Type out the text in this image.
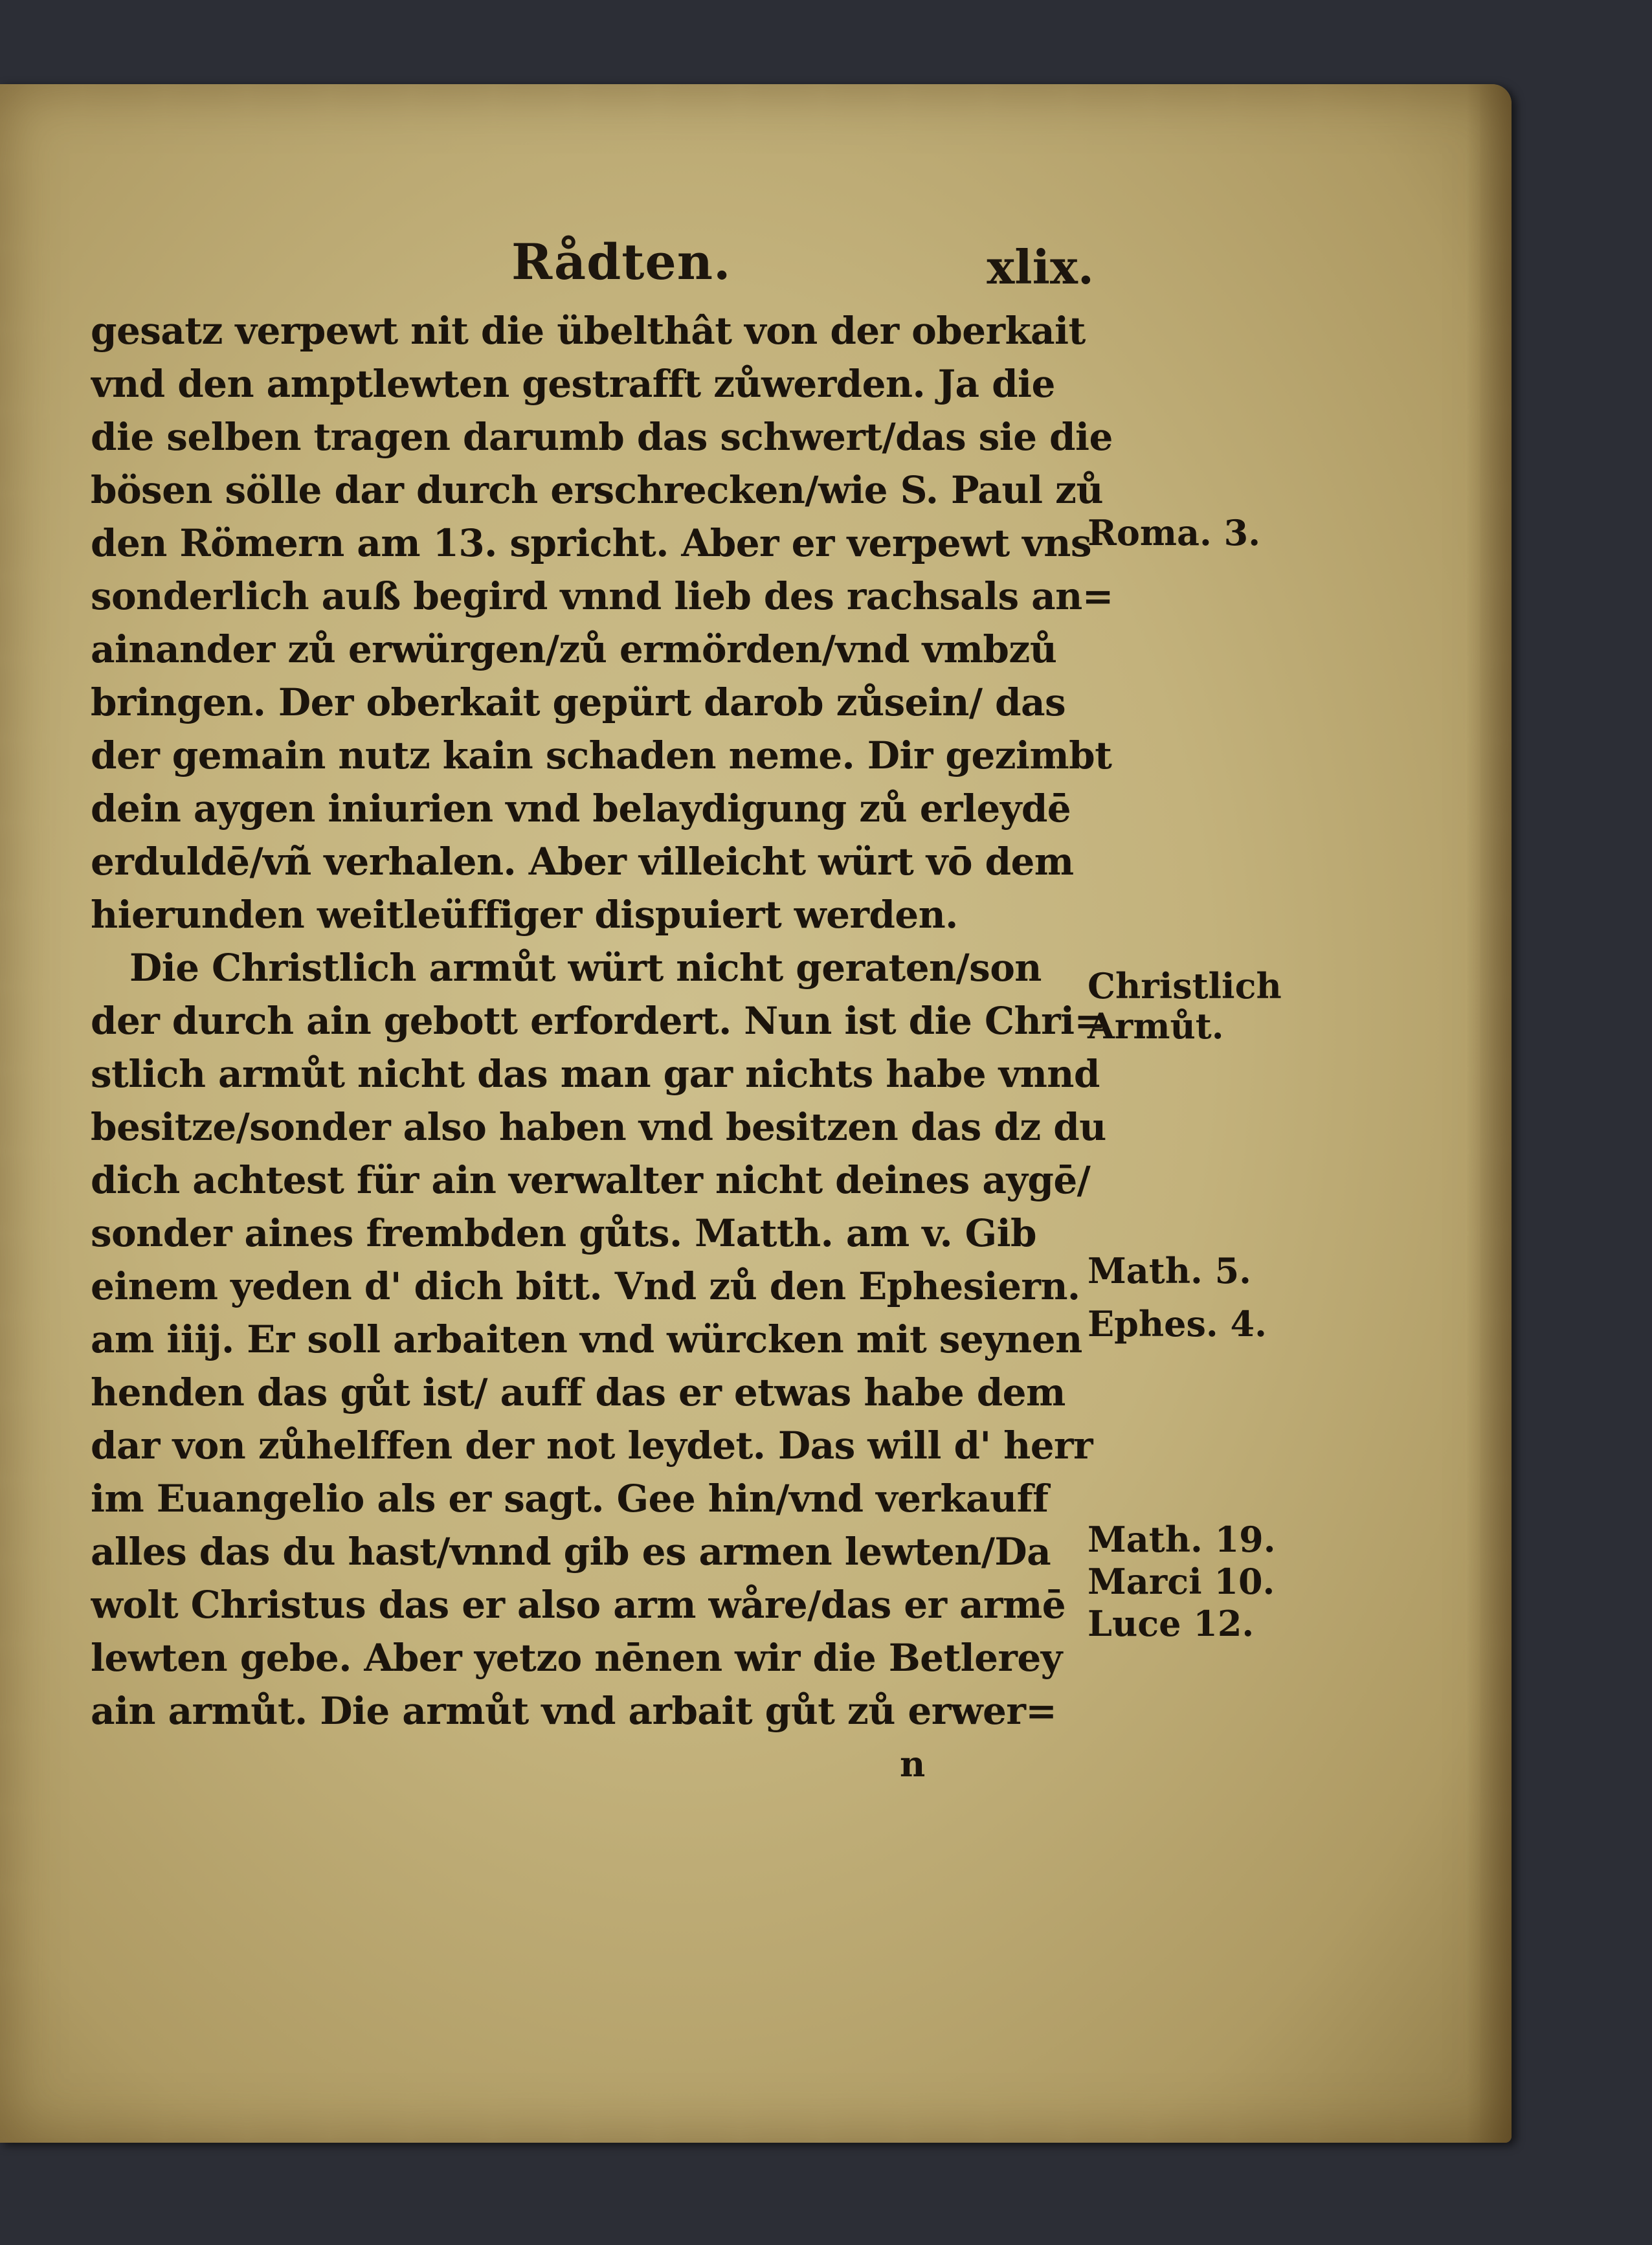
Rådten.	xlix.
gesatz verpewt nit die übelthât von der oberkait
vnd den amptlewten gestrafft zůwerden. Ja die
die selben tragen darumb das schwert/das sie die
bösen sölle dar durch erschrecken/wie S. Paul zů
den Römern am 13. spricht. Aber er verpewt vns
sonderlich auß begird vnnd lieb des rachsals an=
ainander zů erwürgen/zů ermörden/vnd vmbzů
bringen. Der oberkait gepürt darob zůsein/ das
der gemain nutz kain schaden neme. Dir gezimbt
dein aygen iniurien vnd belaydigung zů erleydē
erduldē/vñ verhalen. Aber villeicht würt vō dem
hierunden weitleüffiger dispuiert werden.
Die Christlich armůt würt nicht geraten/son
der durch ain gebott erfordert. Nun ist die Chri=
stlich armůt nicht das man gar nichts habe vnnd
besitze/sonder also haben vnd besitzen das dz du
dich achtest für ain verwalter nicht deines aygē/
sonder aines frembden gůts. Matth. am v. Gib
einem yeden d' dich bitt. Vnd zů den Ephesiern.
am iiij. Er soll arbaiten vnd würcken mit seynen
henden das gůt ist/ auff das er etwas habe dem
dar von zůhelffen der not leydet. Das will d' herr
im Euangelio als er sagt. Gee hin/vnd verkauff
alles das du hast/vnnd gib es armen lewten/Da
wolt Christus das er also arm wåre/das er armē
lewten gebe. Aber yetzo nēnen wir die Betlerey
ain armůt. Die armůt vnd arbait gůt zů erwer=
n
Roma. 3.
Christlich
Armůt.
Math. 5.
Ephes. 4.
Math. 19.
Marci 10.
Luce 12.
